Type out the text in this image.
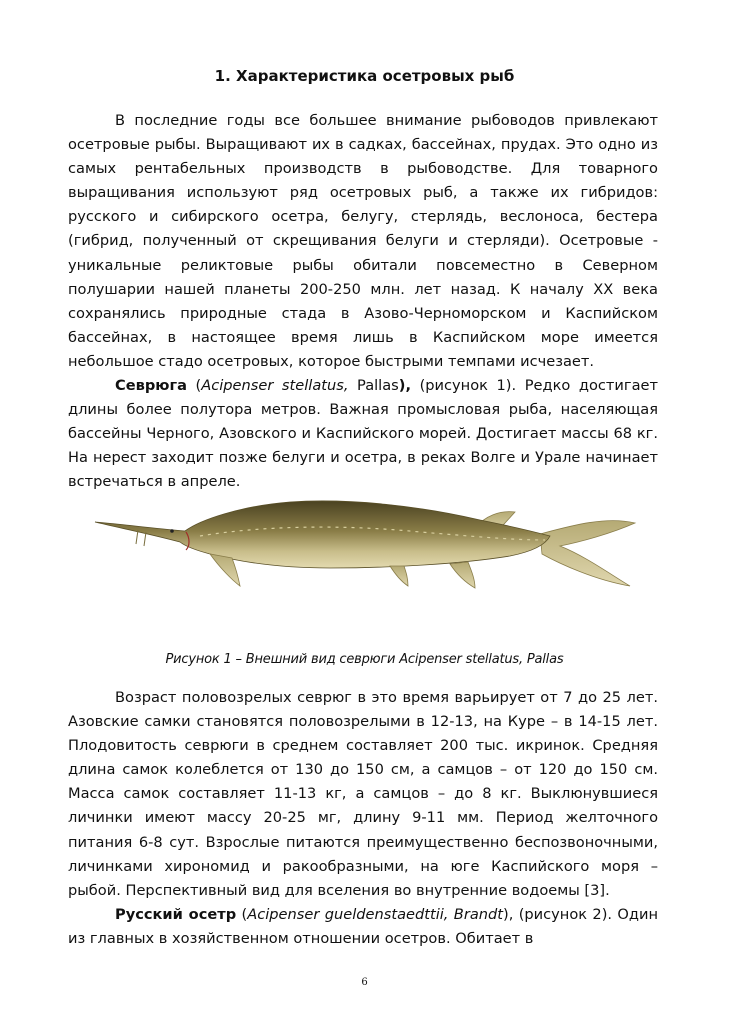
1. Характеристика осетровых рыб

В последние годы все большее внимание рыбоводов привлекают осетровые рыбы. Выращивают их в садках, бассейнах, прудах. Это одно из самых рентабельных производств в рыбоводстве. Для товарного выращивания используют ряд осетровых рыб, а также их гибридов: русского и сибирского осетра, белугу, стерлядь, веслоноса, бестера (гибрид, полученный от скрещивания белуги и стерляди). Осетровые - уникальные реликтовые рыбы обитали повсеместно в Северном полушарии нашей планеты 200-250 млн. лет назад. К началу XX века сохранялись природные стада в Азово-Черноморском и Каспийском бассейнах, в настоящее время лишь в Каспийском море имеется небольшое стадо осетровых, которое быстрыми темпами исчезает.

Севрюга (Acipenser stellatus, Pallas), (рисунок 1). Редко достигает длины более полутора метров. Важная промысловая рыба, населяющая бассейны Черного, Азовского и Каспийского морей. Достигает массы 68 кг. На нерест заходит позже белуги и осетра, в реках Волге и Урале начинает встречаться в апреле.

Рисунок 1 – Внешний вид севрюги Acipenser stellatus, Pallas

Возраст половозрелых севрюг в это время варьирует от 7 до 25 лет. Азовские самки становятся половозрелыми в 12-13, на Куре – в 14-15 лет. Плодовитость севрюги в среднем составляет 200 тыс. икринок. Средняя длина самок колеблется от 130 до 150 см, а самцов – от 120 до 150 см. Масса самок составляет 11-13 кг, а самцов – до 8 кг. Выклюнувшиеся личинки имеют массу 20-25 мг, длину 9-11 мм. Период желточного питания 6-8 сут. Взрослые питаются преимущественно беспозвоночными, личинками хирономид и ракообразными, на юге Каспийского моря – рыбой. Перспективный вид для вселения во внутренние водоемы [3].

Русский осетр (Acipenser gueldenstaedttii, Brandt), (рисунок 2). Один из главных в хозяйственном отношении осетров. Обитает в

6
